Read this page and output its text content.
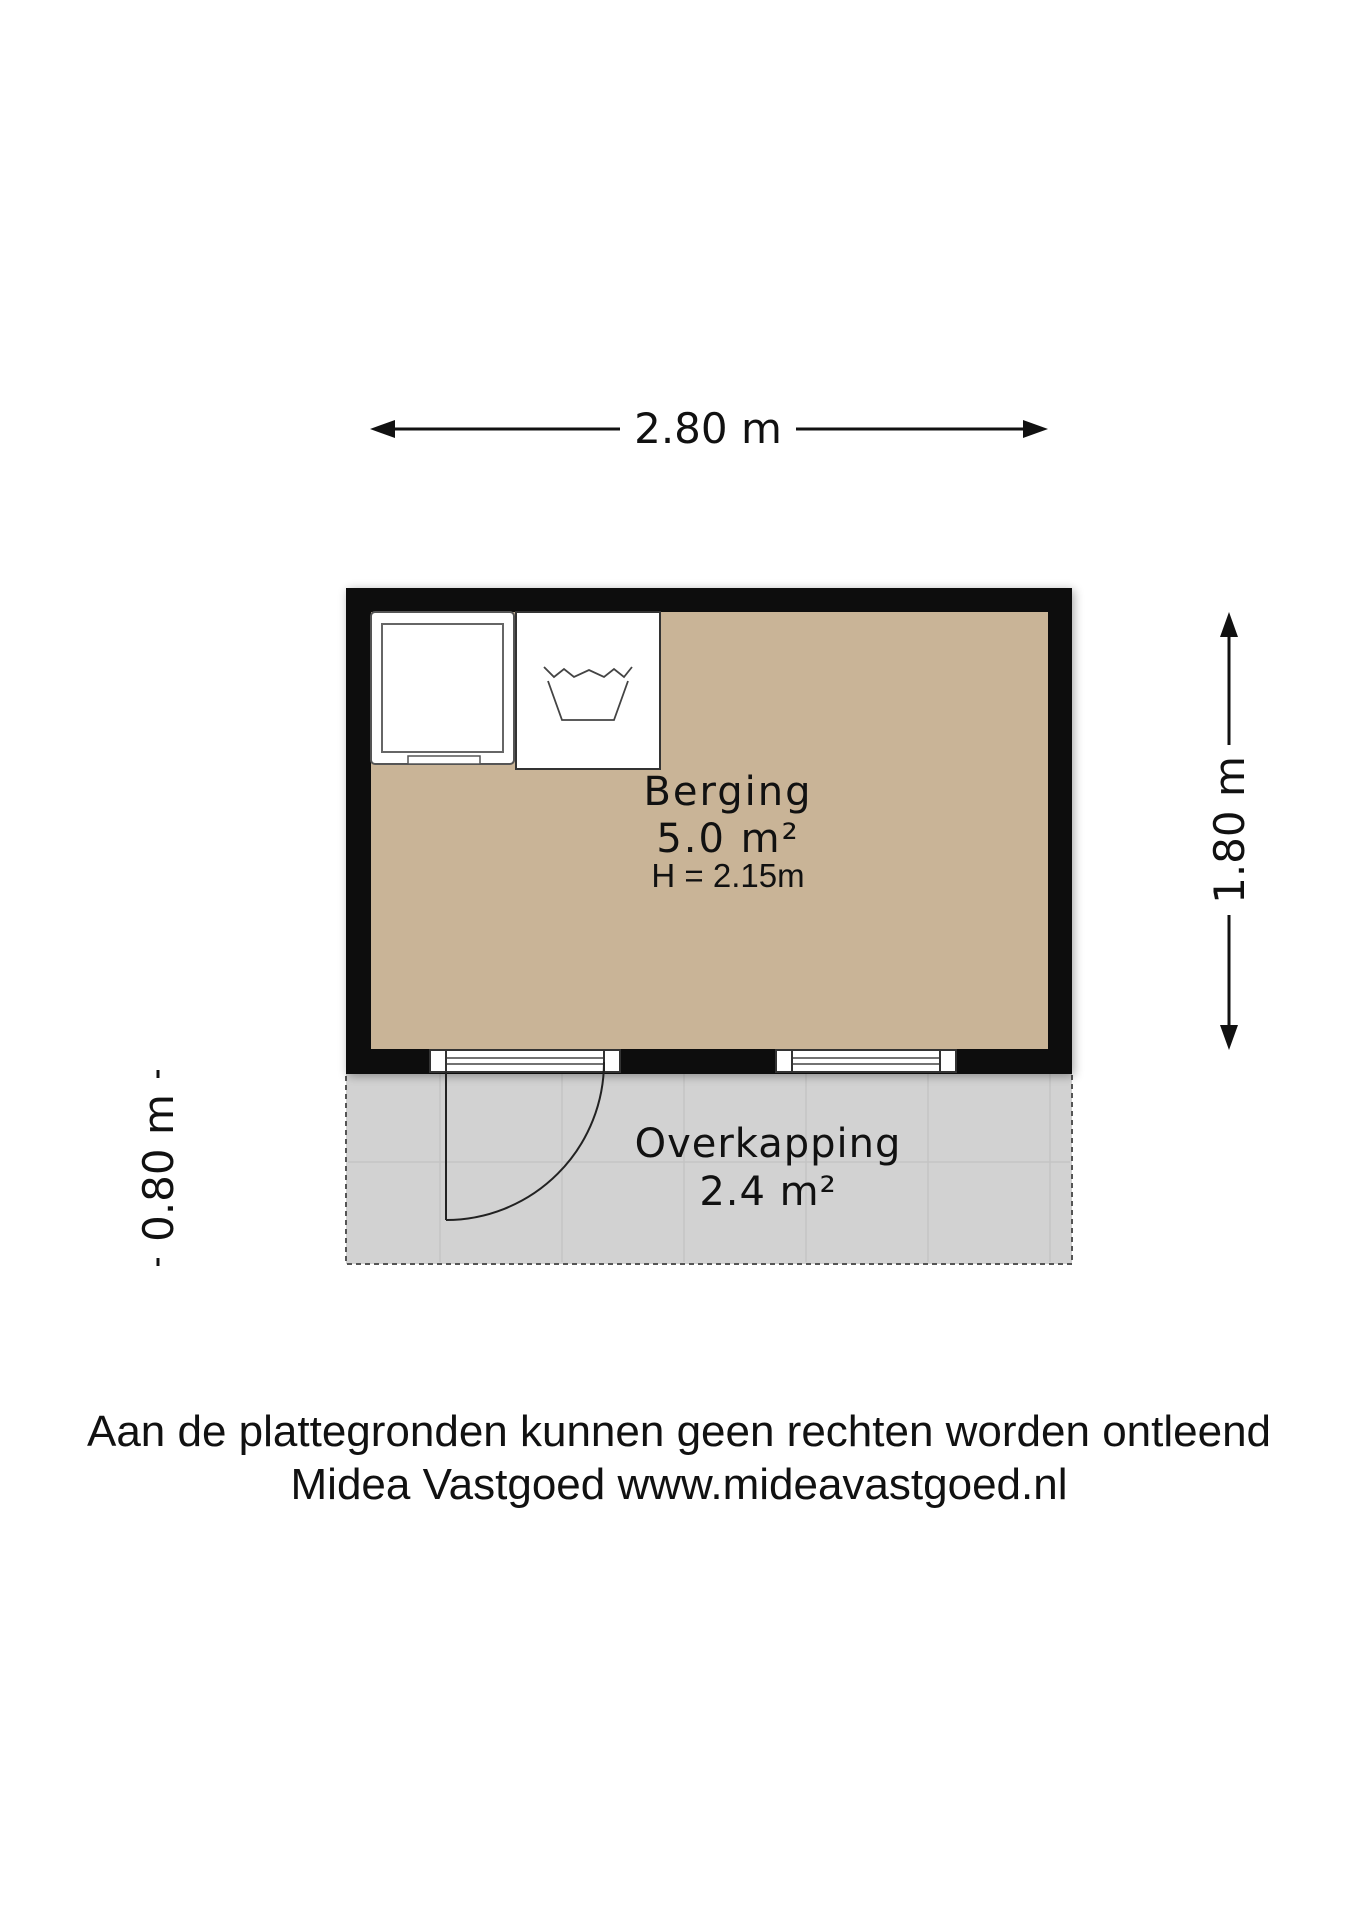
2.80 m
1.80 m
0.80 m	Overkapping
2.4 m²
Berging
5.0 m²
H = 2.15m
Aan de plattegronden kunnen geen rechten worden ontleend
Midea Vastgoed www.mideavastgoed.nl
